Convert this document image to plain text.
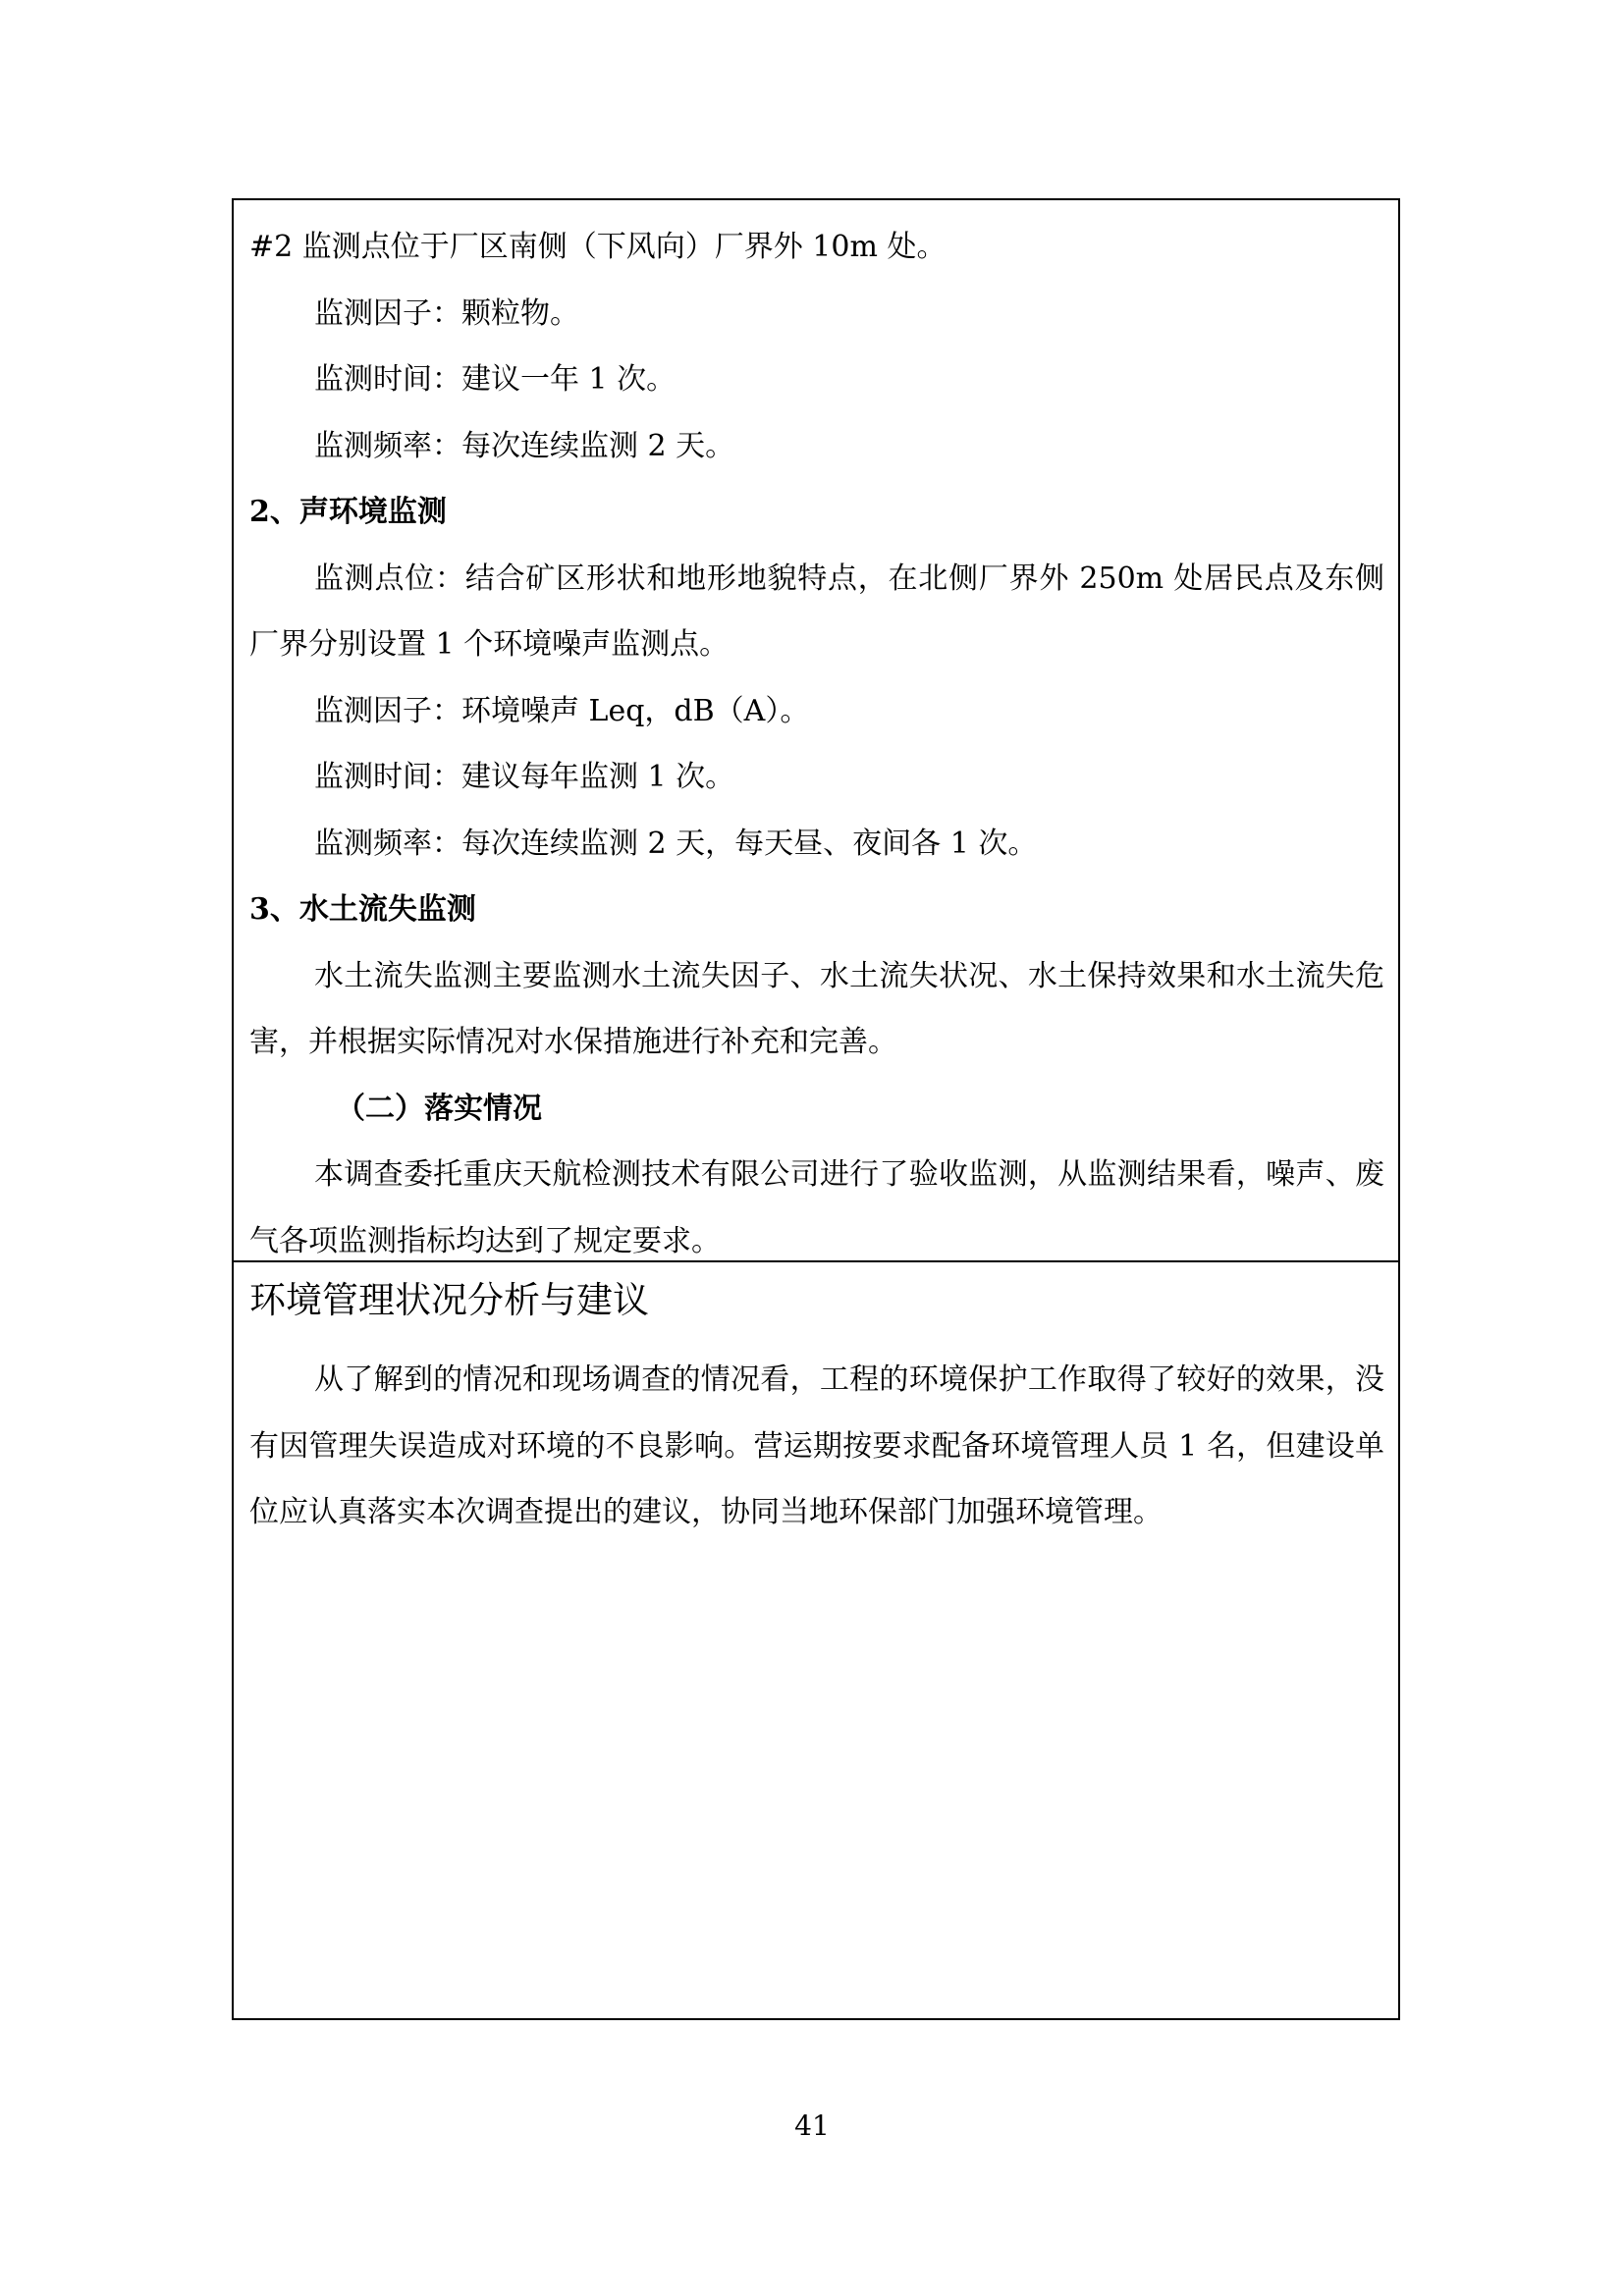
#2 监测点位于厂区南侧（下风向）厂界外 10m 处。

监测因子：颗粒物。

监测时间：建议一年 1 次。

监测频率：每次连续监测 2 天。

2、声环境监测

监测点位：结合矿区形状和地形地貌特点，在北侧厂界外 250m 处居民点及东侧厂界分别设置 1 个环境噪声监测点。

监测因子：环境噪声 Leq，dB（A）。

监测时间：建议每年监测 1 次。

监测频率：每次连续监测 2 天，每天昼、夜间各 1 次。

3、水土流失监测

水土流失监测主要监测水土流失因子、水土流失状况、水土保持效果和水土流失危害，并根据实际情况对水保措施进行补充和完善。

（二）落实情况

本调查委托重庆天航检测技术有限公司进行了验收监测，从监测结果看，噪声、废气各项监测指标均达到了规定要求。

环境管理状况分析与建议

从了解到的情况和现场调查的情况看，工程的环境保护工作取得了较好的效果，没有因管理失误造成对环境的不良影响。营运期按要求配备环境管理人员 1 名，但建设单位应认真落实本次调查提出的建议，协同当地环保部门加强环境管理。

41
